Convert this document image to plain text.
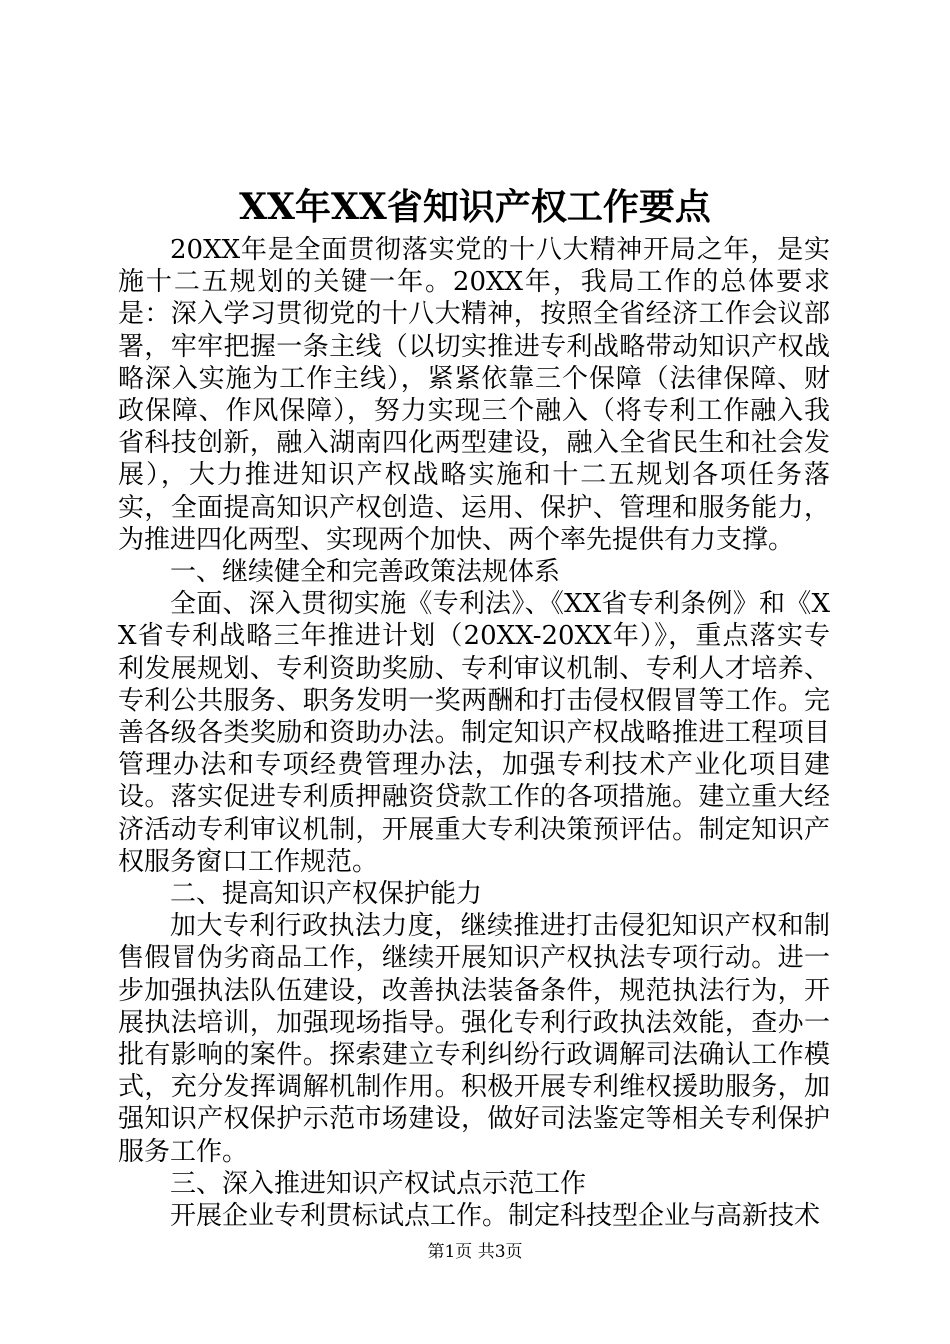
XX年XX省知识产权工作要点

20XX年是全面贯彻落实党的十八大精神开局之年，是实施十二五规划的关键一年。20XX年，我局工作的总体要求是：深入学习贯彻党的十八大精神，按照全省经济工作会议部署，牢牢把握一条主线（以切实推进专利战略带动知识产权战略深入实施为工作主线），紧紧依靠三个保障（法律保障、财政保障、作风保障），努力实现三个融入（将专利工作融入我省科技创新，融入湖南四化两型建设，融入全省民生和社会发展），大力推进知识产权战略实施和十二五规划各项任务落实，全面提高知识产权创造、运用、保护、管理和服务能力，为推进四化两型、实现两个加快、两个率先提供有力支撑。

一、继续健全和完善政策法规体系

全面、深入贯彻实施《专利法》、《XX省专利条例》和《XX省专利战略三年推进计划（20XX-20XX年）》，重点落实专利发展规划、专利资助奖励、专利审议机制、专利人才培养、专利公共服务、职务发明一奖两酬和打击侵权假冒等工作。完善各级各类奖励和资助办法。制定知识产权战略推进工程项目管理办法和专项经费管理办法，加强专利技术产业化项目建设。落实促进专利质押融资贷款工作的各项措施。建立重大经济活动专利审议机制，开展重大专利决策预评估。制定知识产权服务窗口工作规范。

二、提高知识产权保护能力

加大专利行政执法力度，继续推进打击侵犯知识产权和制售假冒伪劣商品工作，继续开展知识产权执法专项行动。进一步加强执法队伍建设，改善执法装备条件，规范执法行为，开展执法培训，加强现场指导。强化专利行政执法效能，查办一批有影响的案件。探索建立专利纠纷行政调解司法确认工作模式，充分发挥调解机制作用。积极开展专利维权援助服务，加强知识产权保护示范市场建设，做好司法鉴定等相关专利保护服务工作。

三、深入推进知识产权试点示范工作

开展企业专利贯标试点工作。制定科技型企业与高新技术

第1页 共3页
